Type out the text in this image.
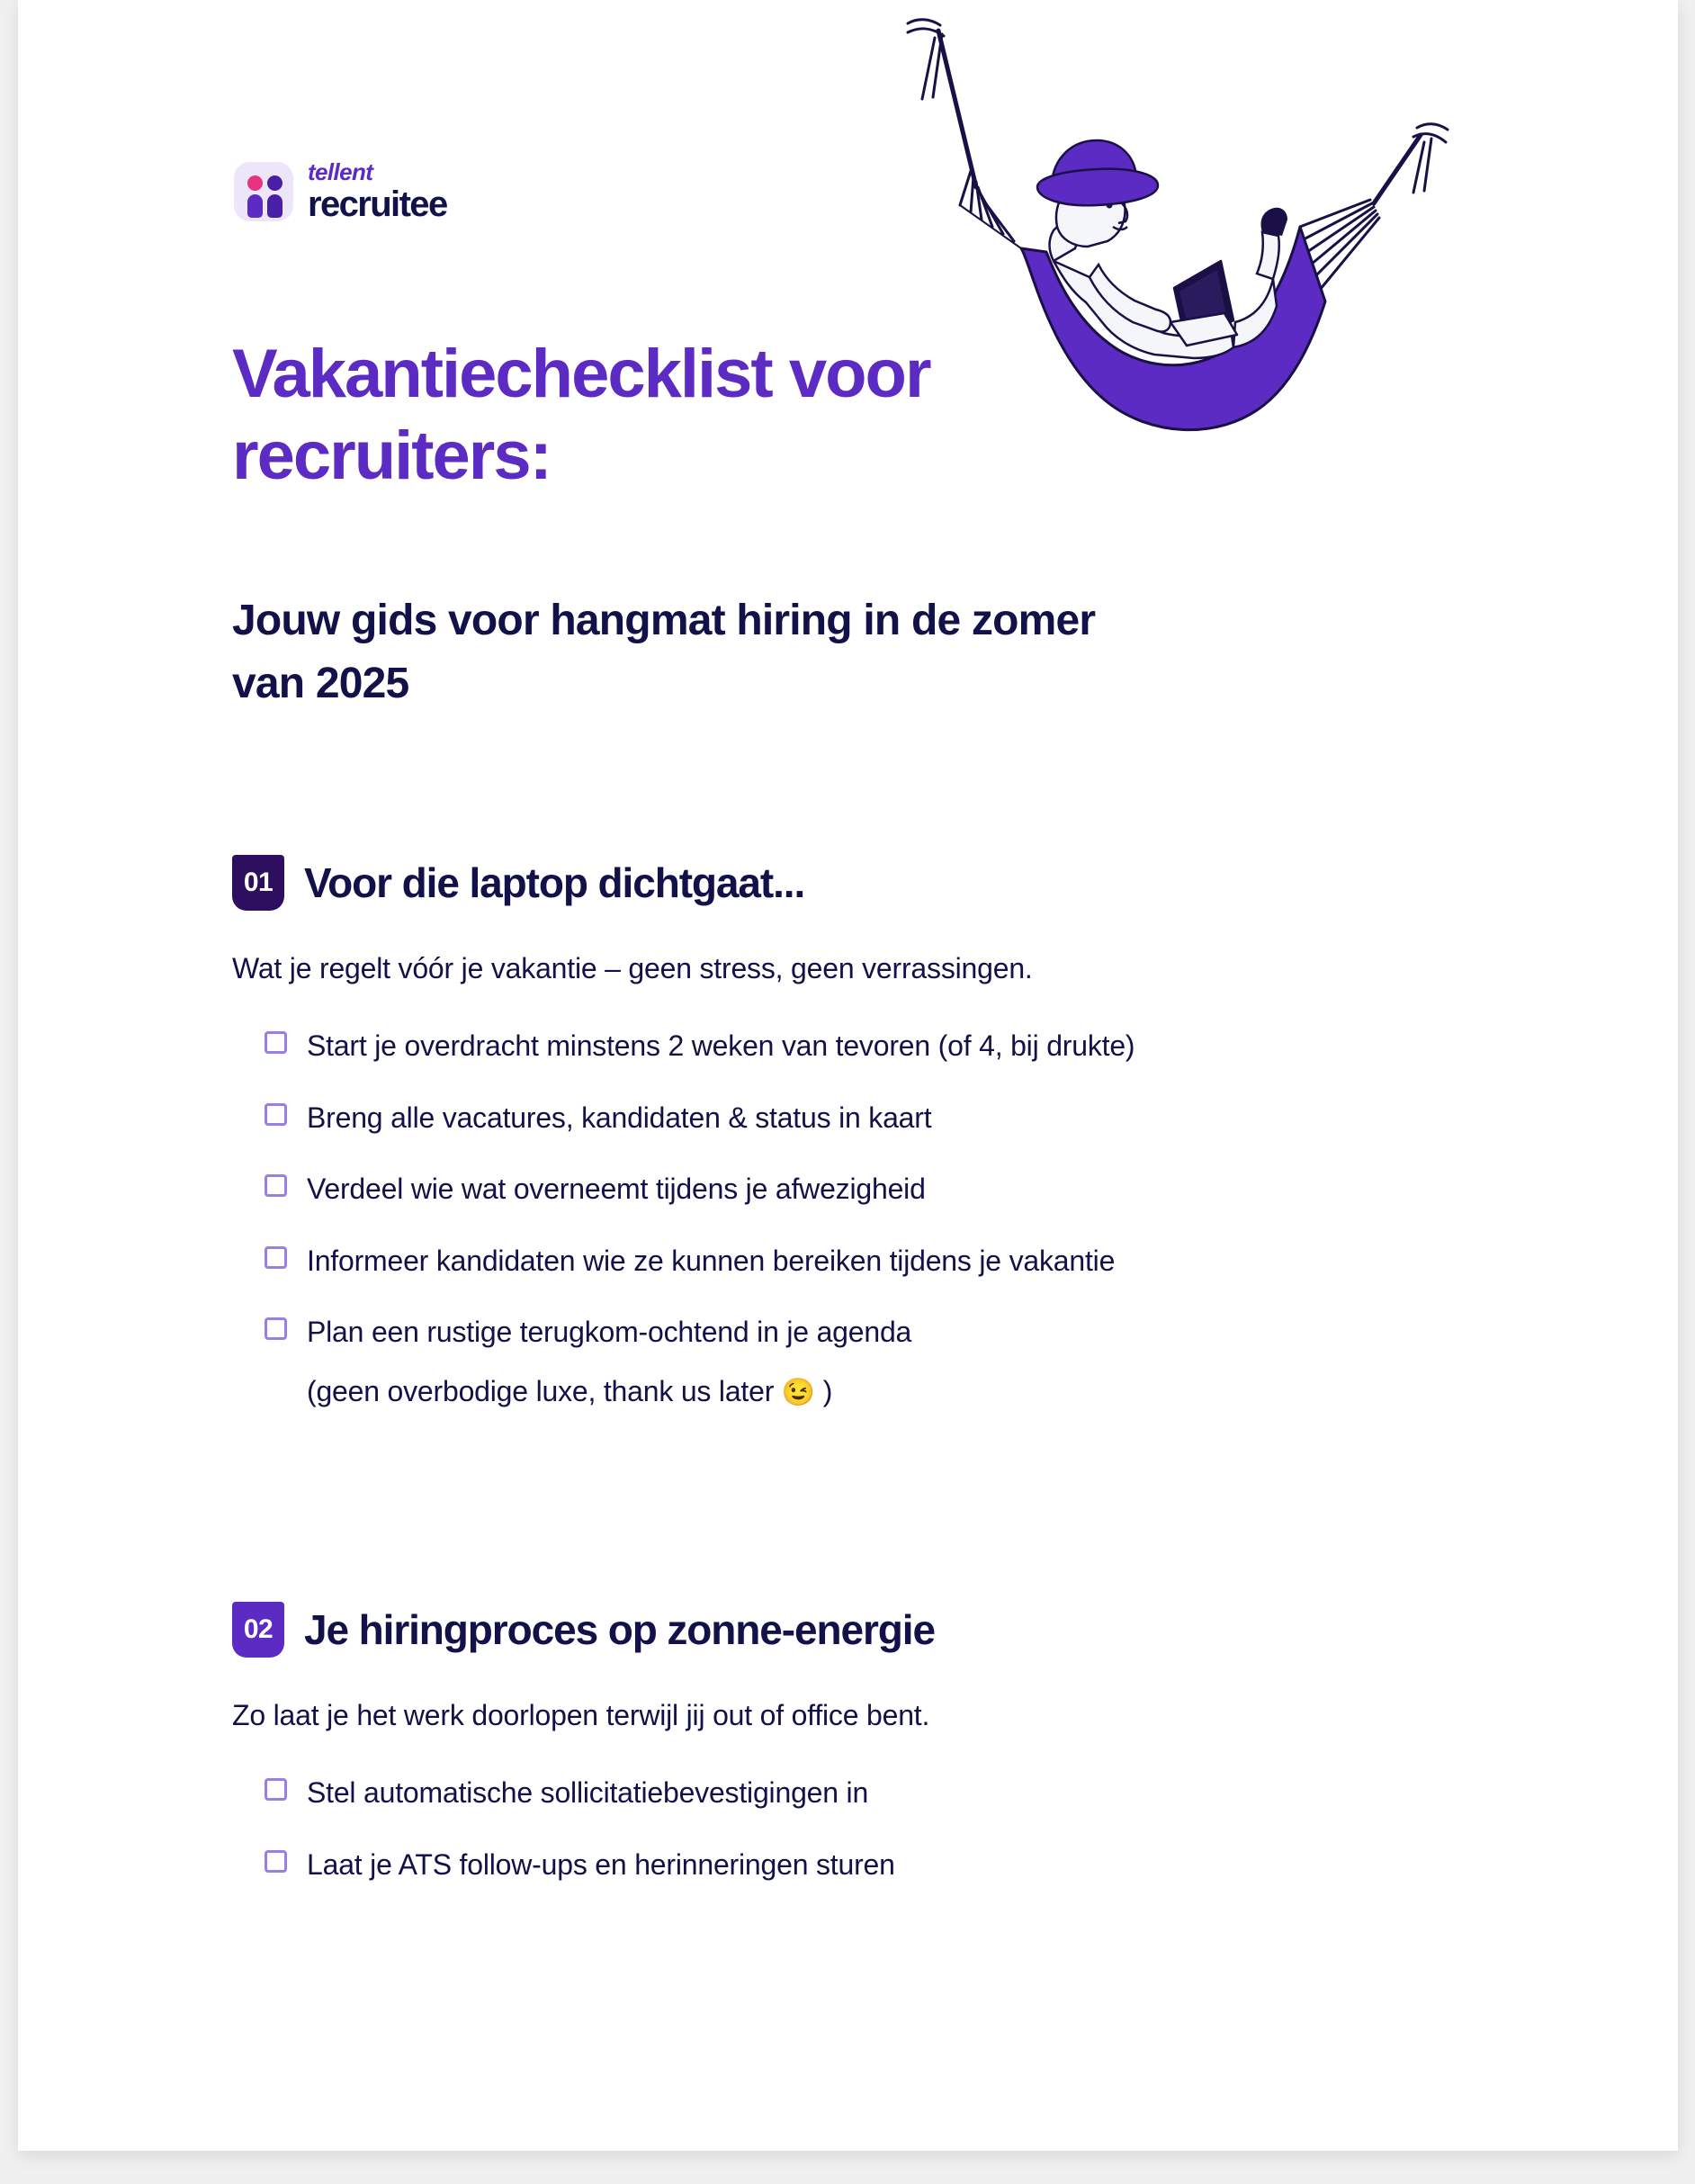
tellent
recruitee
Vakantiechecklist voor recruiters:
Jouw gids voor hangmat hiring in de zomer van 2025
01 Voor die laptop dichtgaat...

Wat je regelt vóór je vakantie – geen stress, geen verrassingen.

Start je overdracht minstens 2 weken van tevoren (of 4, bij drukte)
Breng alle vacatures, kandidaten & status in kaart
Verdeel wie wat overneemt tijdens je afwezigheid
Informeer kandidaten wie ze kunnen bereiken tijdens je vakantie
Plan een rustige terugkom-ochtend in je agenda

(geen overbodige luxe, thank us later 😉 )

02 Je hiringproces op zonne-energie

Zo laat je het werk doorlopen terwijl jij out of office bent.

Stel automatische sollicitatiebevestigingen in
Laat je ATS follow-ups en herinneringen sturen
